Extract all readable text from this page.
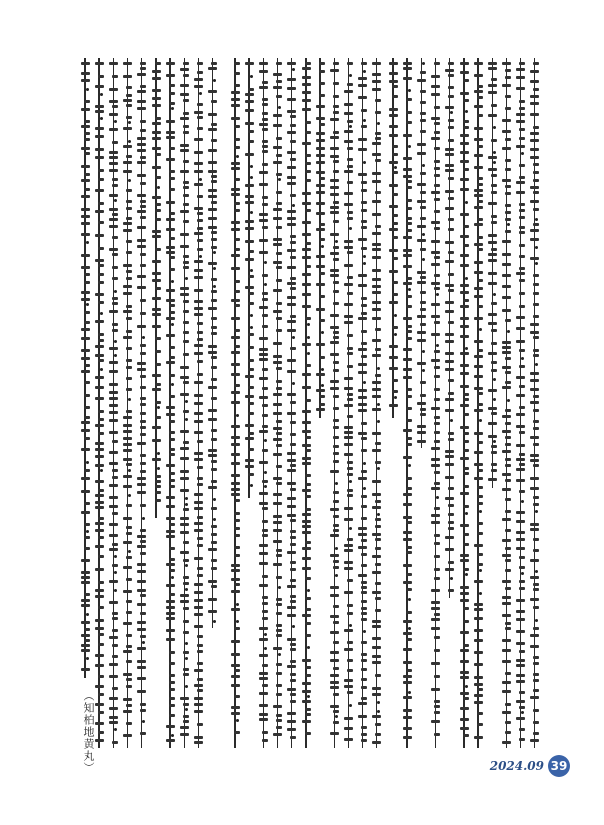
（知柏地黄丸）	2024.09 39
